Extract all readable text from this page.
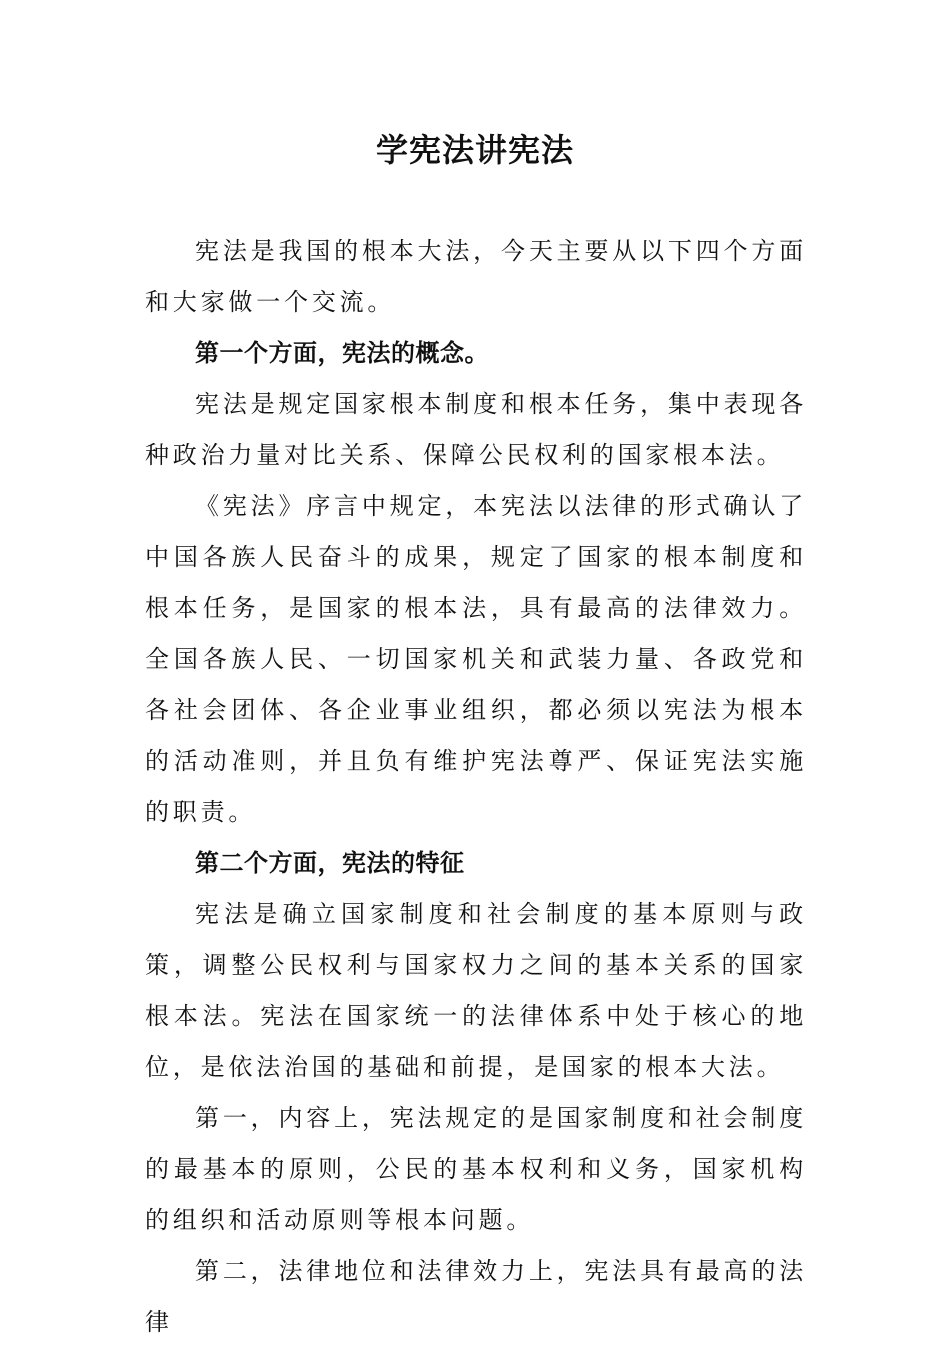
学宪法讲宪法

宪法是我国的根本大法，今天主要从以下四个方面和大家做一个交流。

第一个方面，宪法的概念。

宪法是规定国家根本制度和根本任务，集中表现各种政治力量对比关系、保障公民权利的国家根本法。

《宪法》序言中规定，本宪法以法律的形式确认了中国各族人民奋斗的成果，规定了国家的根本制度和根本任务，是国家的根本法，具有最高的法律效力。全国各族人民、一切国家机关和武装力量、各政党和各社会团体、各企业事业组织，都必须以宪法为根本的活动准则，并且负有维护宪法尊严、保证宪法实施的职责。

第二个方面，宪法的特征

宪法是确立国家制度和社会制度的基本原则与政策，调整公民权利与国家权力之间的基本关系的国家根本法。宪法在国家统一的法律体系中处于核心的地位，是依法治国的基础和前提，是国家的根本大法。

第一，内容上，宪法规定的是国家制度和社会制度的最基本的原则，公民的基本权利和义务，国家机构的组织和活动原则等根本问题。

第二，法律地位和法律效力上，宪法具有最高的法律
